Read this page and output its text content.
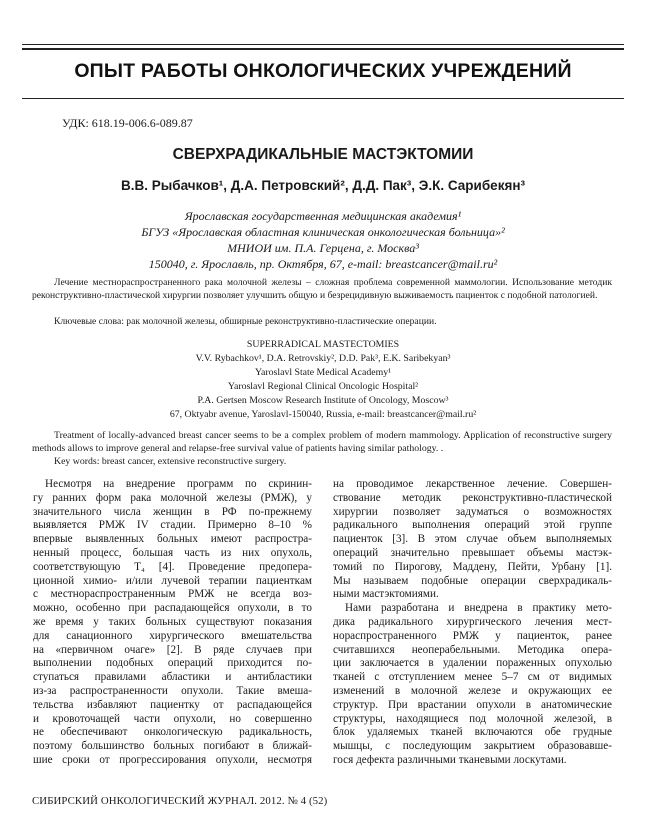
ОПЫТ РАБОТЫ ОНКОЛОГИЧЕСКИХ УЧРЕЖДЕНИЙ
УДК: 618.19-006.6-089.87
СВЕРХРАДИКАЛЬНЫЕ МАСТЭКТОМИИ
В.В. Рыбачков¹, Д.А. Петровский², Д.Д. Пак³, Э.К. Сарибекян³
Ярославская государственная медицинская академия¹
БГУЗ «Ярославская областная клиническая онкологическая больница»²
МНИОИ им. П.А. Герцена, г. Москва³
150040, г. Ярославль, пр. Октября, 67, e-mail: breastcancer@mail.ru²

Лечение местнораспространенного рака молочной железы – сложная проблема современной маммологии. Использование методик реконструктивно-пластической хирургии позволяет улучшить общую и безрецидивную выживаемость пациенток с подобной патологией.

Ключевые слова: рак молочной железы, обширные реконструктивно-пластические операции.

SUPERRADICAL MASTECTOMIES
V.V. Rybachkov¹, D.A. Retrovskiy², D.D. Pak³, E.K. Saribekyan³
Yaroslavl State Medical Academy¹
Yaroslavl Regional Clinical Oncologic Hospital²
P.A. Gertsen Moscow Research Institute of Oncology, Moscow³
67, Oktyabr avenue, Yaroslavl-150040, Russia, e-mail: breastcancer@mail.ru²

Treatment of locally-advanced breast cancer seems to be a complex problem of modern mammology. Application of reconstructive surgery methods allows to improve general and relapse-free survival value of patients having similar pathology. .

Key words: breast cancer, extensive reconstructive surgery.

Несмотря на внедрение программ по скринин-
гу ранних форм рака молочной железы (РМЖ), у
значительного числа женщин в РФ по-прежнему
выявляется РМЖ IV стадии. Примерно 8–10 %
впервые выявленных больных имеют распростра-
ненный процесс, большая часть из них опухоль,
соответствующую T₄ [4]. Проведение предопера-
ционной химио- и/или лучевой терапии пациенткам
с местнораспространенным РМЖ не всегда воз-
можно, особенно при распадающейся опухоли, в то
же время у таких больных существуют показания
для санационного хирургического вмешательства
на «первичном очаге» [2]. В ряде случаев при
выполнении подобных операций приходится по-
ступаться правилами абластики и антибластики
из-за распространенности опухоли. Такие вмеша-
тельства избавляют пациентку от распадающейся
и кровоточащей части опухоли, но совершенно
не обеспечивают онкологическую радикальность,
поэтому большинство больных погибают в ближай-
шие сроки от прогрессирования опухоли, несмотря
на проводимое лекарственное лечение. Совершен-
ствование методик реконструктивно-пластической
хирургии позволяет задуматься о возможностях
радикального выполнения операций этой группе
пациенток [3]. В этом случае объем выполняемых
операций значительно превышает объемы мастэк-
томий по Пирогову, Маддену, Пейти, Урбану [1].
Мы называем подобные операции сверхрадикаль-
ными мастэктомиями.
Нами разработана и внедрена в практику мето-
дика радикального хирургического лечения мест-
нораспространенного РМЖ у пациенток, ранее
считавшихся неоперабельными. Методика опера-
ции заключается в удалении пораженных опухолью
тканей с отступлением менее 5–7 см от видимых
изменений в молочной железе и окружающих ее
структур. При врастании опухоли в анатомические
структуры, находящиеся под молочной железой, в
блок удаляемых тканей включаются обе грудные
мышцы, с последующим закрытием образовавше-
гося дефекта различными тканевыми лоскутами.
СИБИРСКИЙ ОНКОЛОГИЧЕСКИЙ ЖУРНАЛ. 2012. № 4 (52)
